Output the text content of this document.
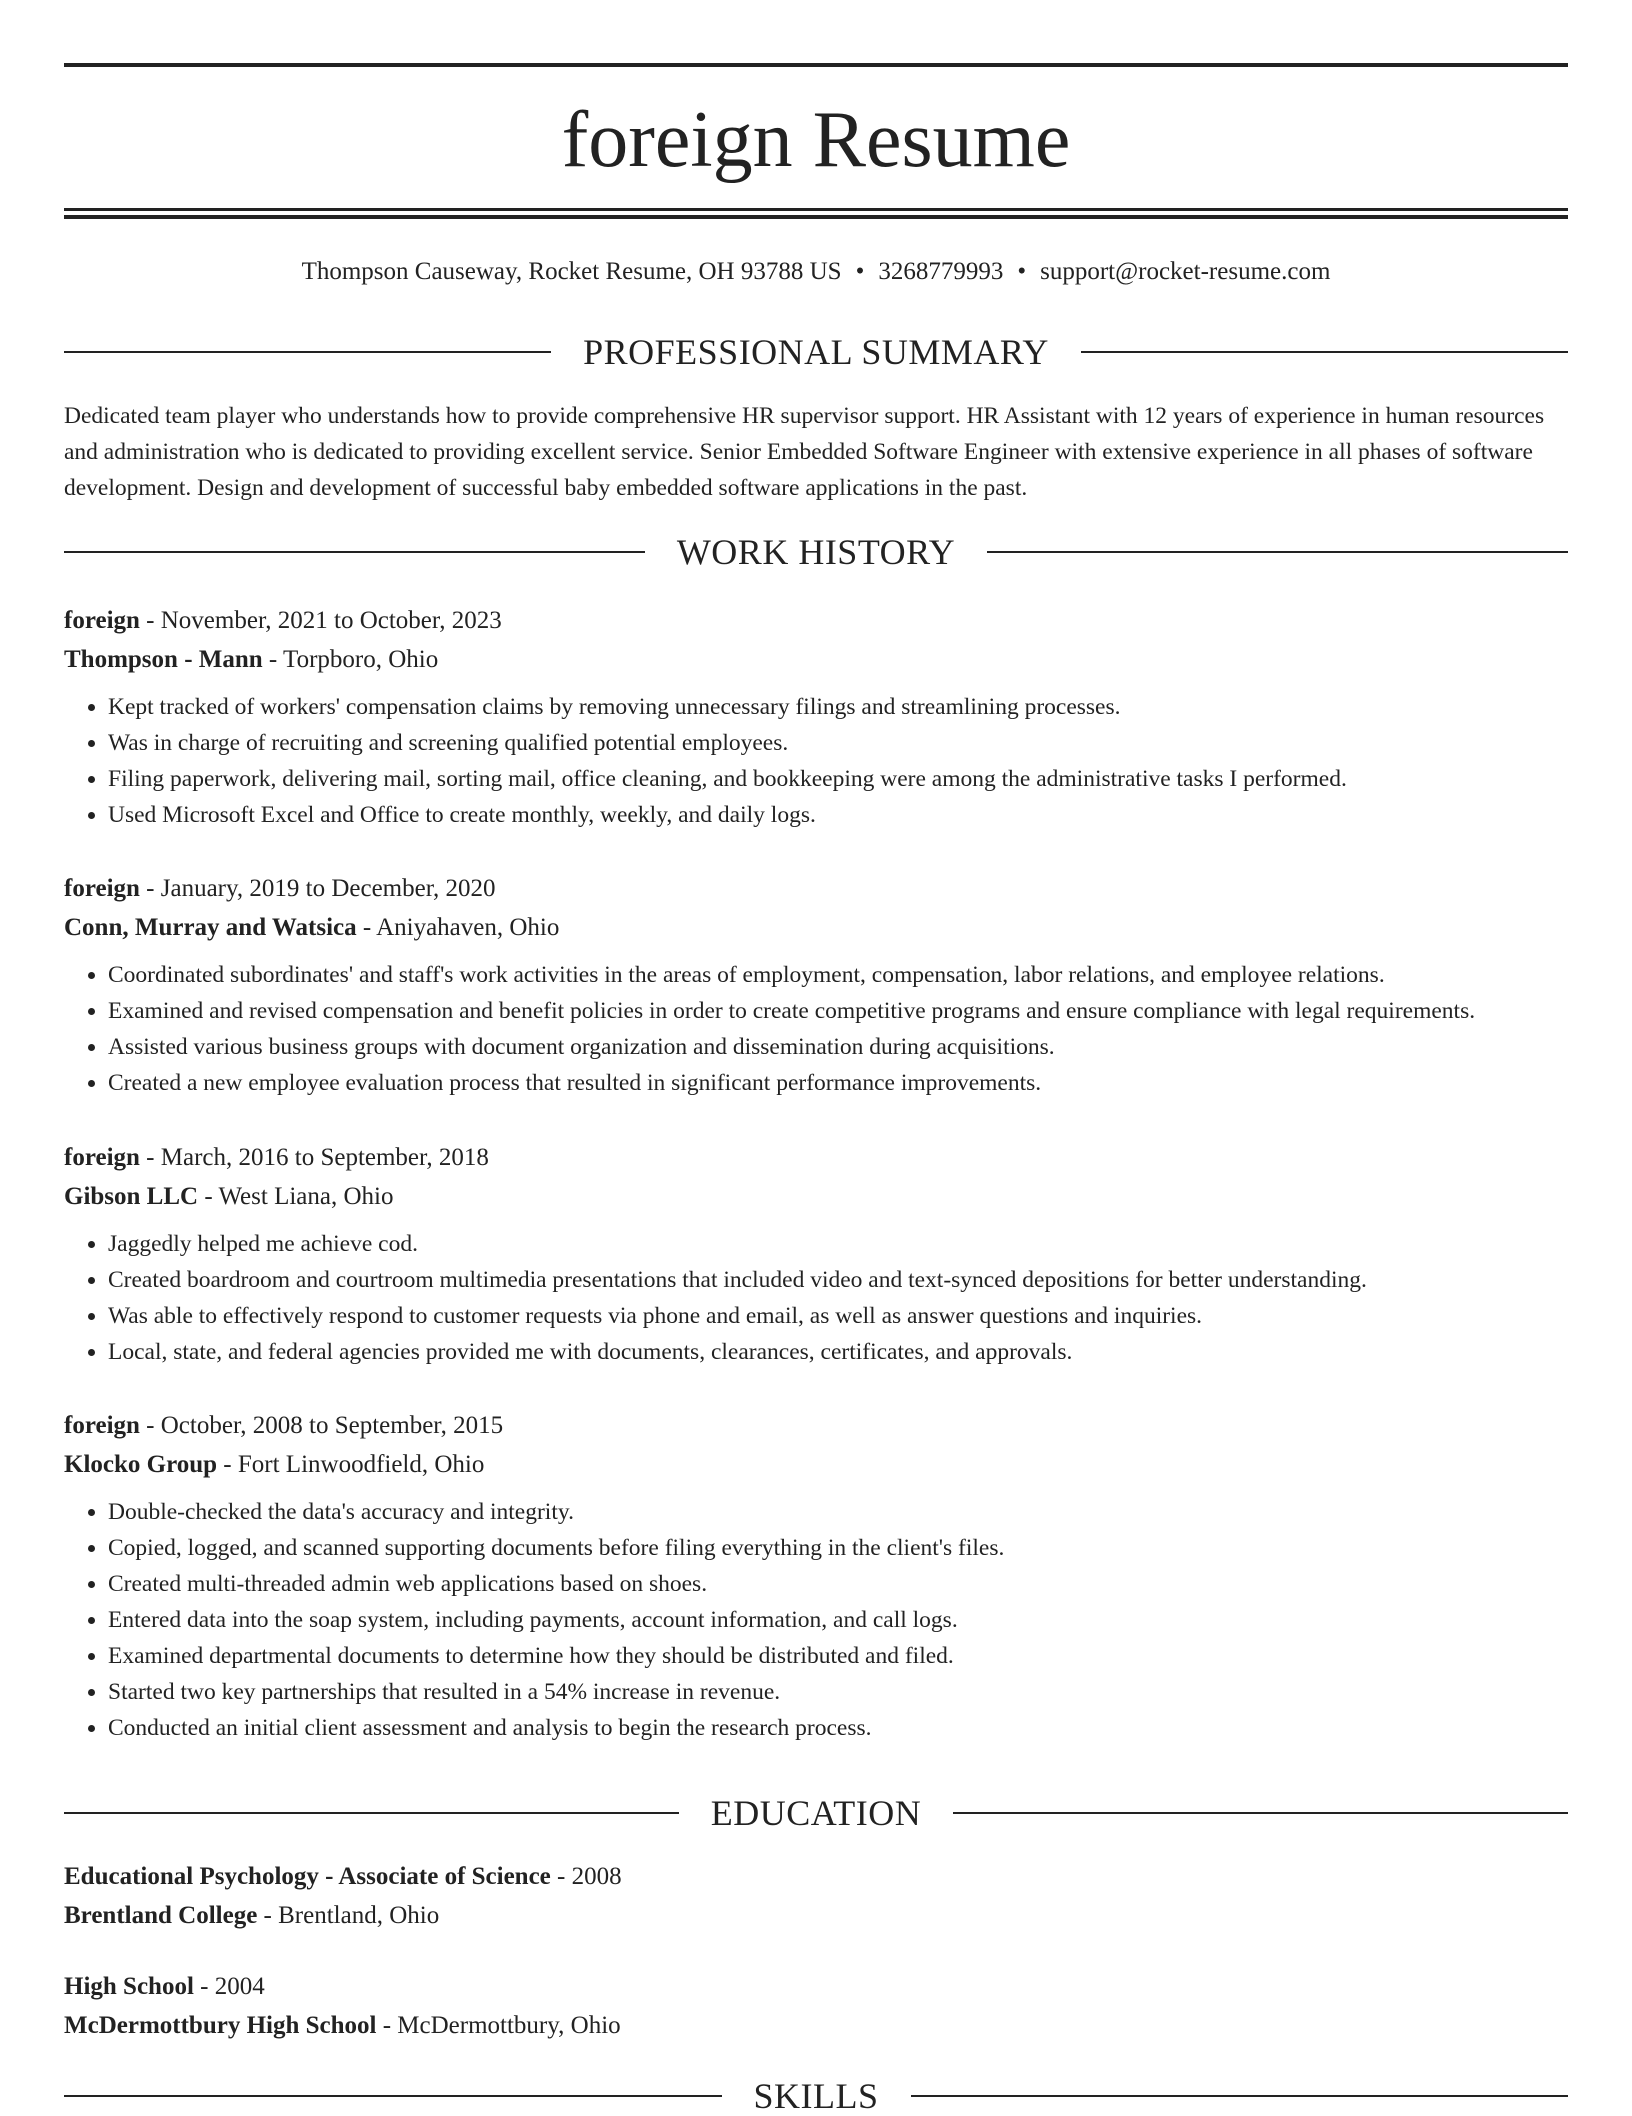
foreign Resume
Thompson Causeway, Rocket Resume, OH 93788 US • 3268779993 • support@rocket-resume.com
PROFESSIONAL SUMMARY

Dedicated team player who understands how to provide comprehensive HR supervisor support. HR Assistant with 12 years of experience in human resources and administration who is dedicated to providing excellent service. Senior Embedded Software Engineer with extensive experience in all phases of software development. Design and development of successful baby embedded software applications in the past.

WORK HISTORY
foreign - November, 2021 to October, 2023
Thompson - Mann - Torpboro, Ohio
• Kept tracked of workers' compensation claims by removing unnecessary filings and streamlining processes.
• Was in charge of recruiting and screening qualified potential employees.
• Filing paperwork, delivering mail, sorting mail, office cleaning, and bookkeeping were among the administrative tasks I performed.
• Used Microsoft Excel and Office to create monthly, weekly, and daily logs.
foreign - January, 2019 to December, 2020
Conn, Murray and Watsica - Aniyahaven, Ohio
• Coordinated subordinates' and staff's work activities in the areas of employment, compensation, labor relations, and employee relations.
• Examined and revised compensation and benefit policies in order to create competitive programs and ensure compliance with legal requirements.
• Assisted various business groups with document organization and dissemination during acquisitions.
• Created a new employee evaluation process that resulted in significant performance improvements.
foreign - March, 2016 to September, 2018
Gibson LLC - West Liana, Ohio
• Jaggedly helped me achieve cod.
• Created boardroom and courtroom multimedia presentations that included video and text-synced depositions for better understanding.
• Was able to effectively respond to customer requests via phone and email, as well as answer questions and inquiries.
• Local, state, and federal agencies provided me with documents, clearances, certificates, and approvals.
foreign - October, 2008 to September, 2015
Klocko Group - Fort Linwoodfield, Ohio
• Double-checked the data's accuracy and integrity.
• Copied, logged, and scanned supporting documents before filing everything in the client's files.
• Created multi-threaded admin web applications based on shoes.
• Entered data into the soap system, including payments, account information, and call logs.
• Examined departmental documents to determine how they should be distributed and filed.
• Started two key partnerships that resulted in a 54% increase in revenue.
• Conducted an initial client assessment and analysis to begin the research process.
EDUCATION
Educational Psychology - Associate of Science - 2008
Brentland College - Brentland, Ohio
High School - 2004
McDermottbury High School - McDermottbury, Ohio
SKILLS
